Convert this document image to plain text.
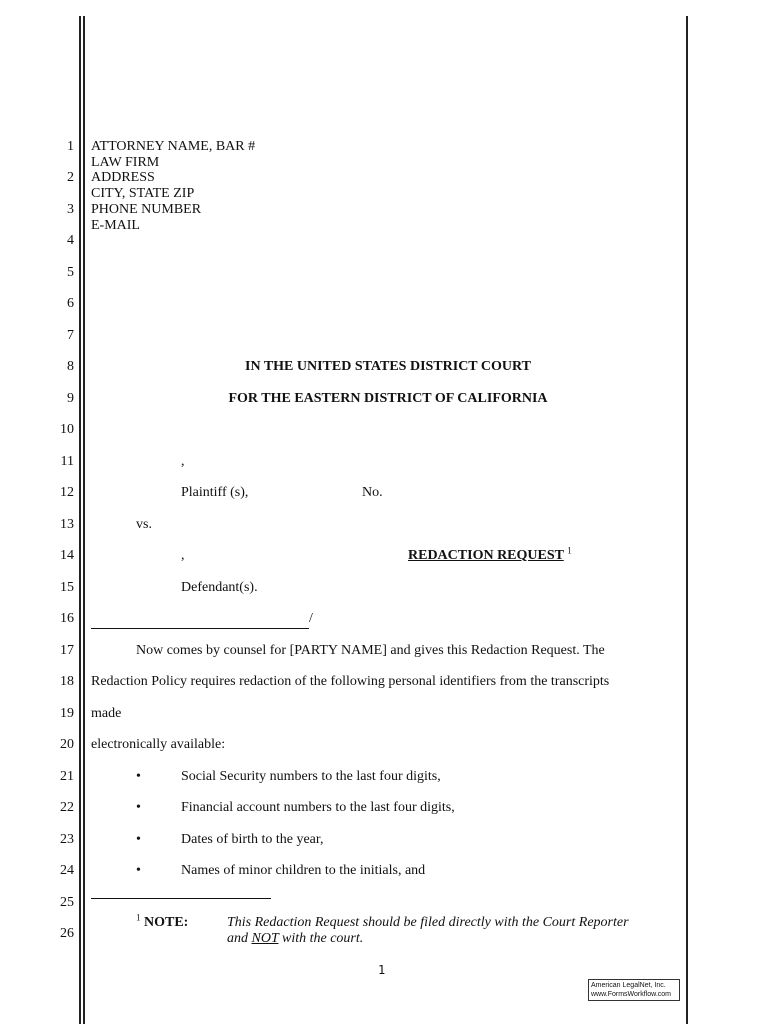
1
2
3
4
5
6
7
8
9
10
11
12
13
14
15
16
17
18
19
20
21
22
23
24
25
26
ATTORNEY NAME, BAR #
LAW FIRM
ADDRESS
CITY, STATE ZIP
PHONE NUMBER
E-MAIL
IN THE UNITED STATES DISTRICT COURT
FOR THE EASTERN DISTRICT OF CALIFORNIA
,
Plaintiff (s),	No.
vs.
,	REDACTION REQUEST $^1$
Defendant(s).
/
Now comes by counsel for [PARTY NAME] and gives this Redaction Request. The
Redaction Policy requires redaction of the following personal identifiers from the transcripts
made
electronically available:
•	Social Security numbers to the last four digits,
•	Financial account numbers to the last four digits,
•	Dates of birth to the year,
•	Names of minor children to the initials, and
$^1$ NOTE:	This Redaction Request should be filed directly with the Court Reporter
and NOT with the court.
1
American LegalNet, Inc.
www.FormsWorkflow.com
